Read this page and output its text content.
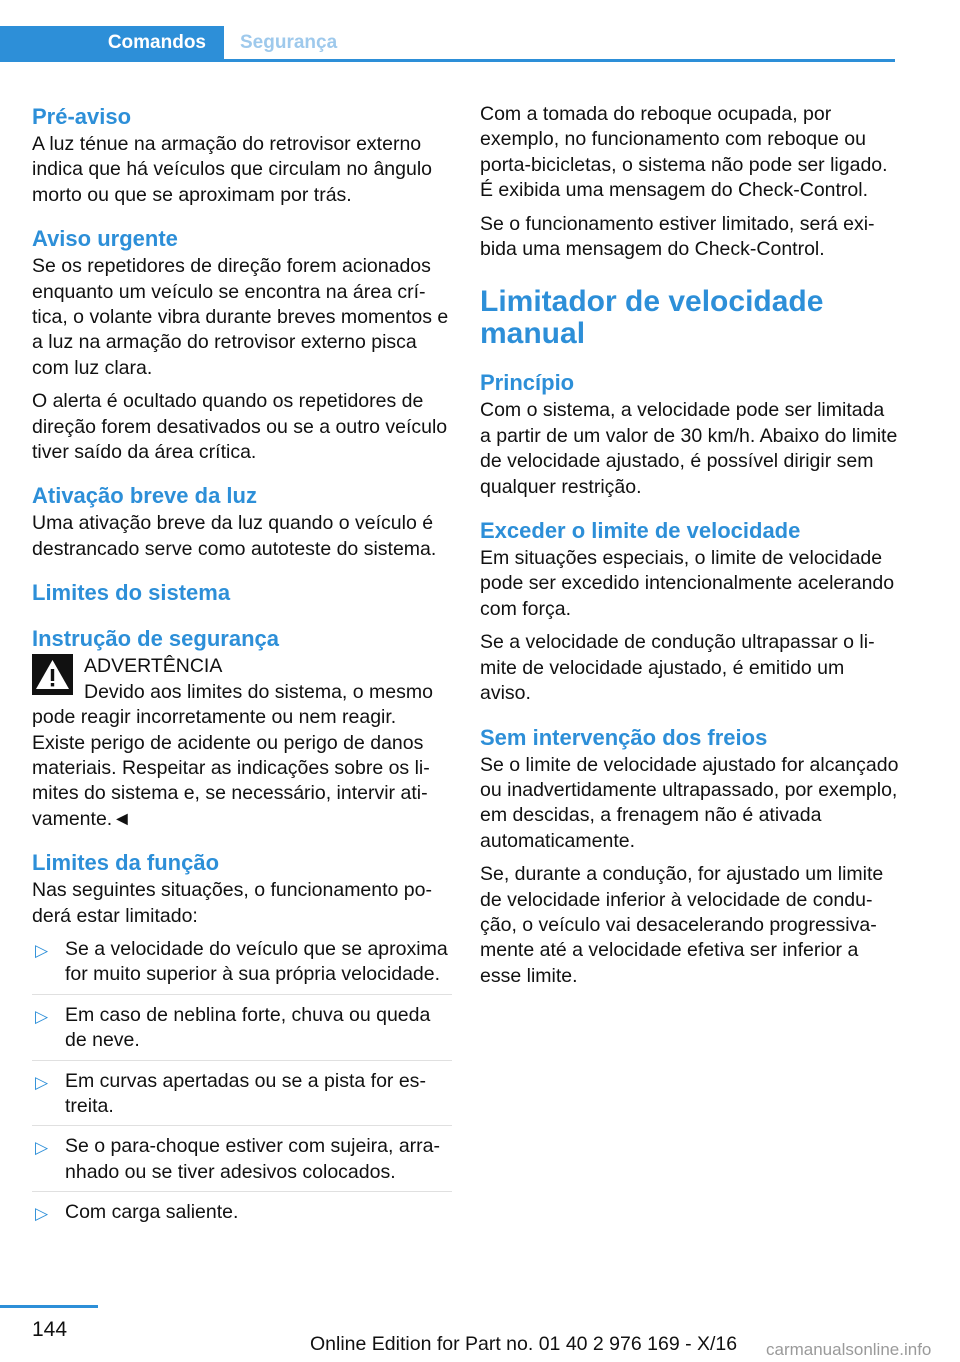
Comandos	Segurança
Pré-aviso

A luz ténue na armação do retrovisor externo indica que há veículos que circulam no ângulo morto ou que se aproximam por trás.

Aviso urgente

Se os repetidores de direção forem acionados enquanto um veículo se encontra na área crítica, o volante vibra durante breves momentos e a luz na armação do retrovisor externo pisca com luz clara.

O alerta é ocultado quando os repetidores de direção forem desativados ou se a outro veículo tiver saído da área crítica.

Ativação breve da luz

Uma ativação breve da luz quando o veículo é destrancado serve como autoteste do sistema.

Limites do sistema
Instrução de segurança
ADVERTÊNCIA

Devido aos limites do sistema, o mesmo

pode reagir incorretamente ou nem reagir. Existe perigo de acidente ou perigo de danos materiais. Respeitar as indicações sobre os limites do sistema e, se necessário, intervir ativamente.◄

Limites da função

Nas seguintes situações, o funcionamento poderá estar limitado:

▷ Se a velocidade do veículo que se aproxima for muito superior à sua própria velocidade.
▷ Em caso de neblina forte, chuva ou queda de neve.
▷ Em curvas apertadas ou se a pista for estreita.
▷ Se o para-choque estiver com sujeira, arranhado ou se tiver adesivos colocados.
▷ Com carga saliente.

Com a tomada do reboque ocupada, por exemplo, no funcionamento com reboque ou porta-bicicletas, o sistema não pode ser ligado. É exibida uma mensagem do Check-Control.

Se o funcionamento estiver limitado, será exibida uma mensagem do Check-Control.

Limitador de velocidade manual
Princípio

Com o sistema, a velocidade pode ser limitada a partir de um valor de 30 km/h. Abaixo do limite de velocidade ajustado, é possível dirigir sem qualquer restrição.

Exceder o limite de velocidade

Em situações especiais, o limite de velocidade pode ser excedido intencionalmente acelerando com força.

Se a velocidade de condução ultrapassar o limite de velocidade ajustado, é emitido um aviso.

Sem intervenção dos freios

Se o limite de velocidade ajustado for alcançado ou inadvertidamente ultrapassado, por exemplo, em descidas, a frenagem não é ativada automaticamente.

Se, durante a condução, for ajustado um limite de velocidade inferior à velocidade de condução, o veículo vai desacelerando progressivamente até a velocidade efetiva ser inferior a esse limite.

144
Online Edition for Part no. 01 40 2 976 169 - X/16 carmanualsonline.info
